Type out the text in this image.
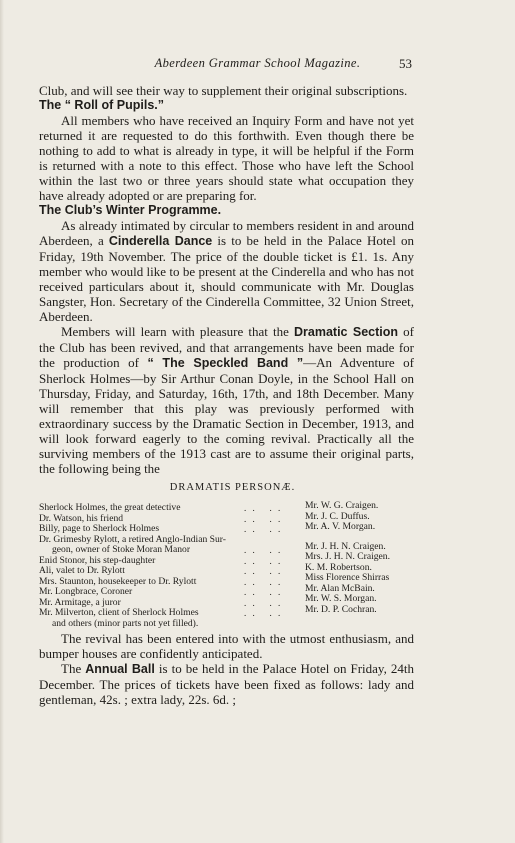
Aberdeen Grammar School Magazine.	53

Club, and will see their way to supplement their original subscriptions.

The “ Roll of Pupils.”

All members who have received an Inquiry Form and have not yet returned it are requested to do this forthwith. Even though there be nothing to add to what is already in type, it will be helpful if the Form is returned with a note to this effect. Those who have left the School within the last two or three years should state what occupation they have already adopted or are preparing for.

The Club’s Winter Programme.

As already intimated by circular to members resident in and around Aberdeen, a Cinderella Dance is to be held in the Palace Hotel on Friday, 19th November. The price of the double ticket is £1. 1s. Any member who would like to be present at the Cinderella and who has not received particulars about it, should communicate with Mr. Douglas Sangster, Hon. Secretary of the Cinderella Committee, 32 Union Street, Aberdeen.

Members will learn with pleasure that the Dramatic Section of the Club has been revived, and that arrangements have been made for the production of “ The Speckled Band ”—An Adventure of Sherlock Holmes—by Sir Arthur Conan Doyle, in the School Hall on Thursday, Friday, and Saturday, 16th, 17th, and 18th December. Many will remember that this play was previously performed with extraordinary success by the Dramatic Section in December, 1913, and will look forward eagerly to the coming revival. Practically all the surviving members of the 1913 cast are to assume their original parts, the following being the

DRAMATIS PERSONÆ.
Sherlock Holmes, the great detective
Dr. Watson, his friend
Billy, page to Sherlock Holmes
Dr. Grimesby Rylott, a retired Anglo-Indian Sur-
geon, owner of Stoke Moran Manor
Enid Stonor, his step-daughter
Ali, valet to Dr. Rylott
Mrs. Staunton, housekeeper to Dr. Rylott
Mr. Longbrace, Coroner
Mr. Armitage, a juror
Mr. Milverton, client of Sherlock Holmes
and others (minor parts not yet filled).
. .   . .
. .   . .
. .   . .

. .   . .
. .   . .
. .   . .
. .   . .
. .   . .
. .   . .
. .   . .
Mr. W. G. Craigen.
Mr. J. C. Duffus.
Mr. A. V. Morgan.
Mr. J. H. N. Craigen.
Mrs. J. H. N. Craigen.
K. M. Robertson.
Miss Florence Shirras
Mr. Alan McBain.
Mr. W. S. Morgan.
Mr. D. P. Cochran.

The revival has been entered into with the utmost enthusiasm, and bumper houses are confidently anticipated.

The Annual Ball is to be held in the Palace Hotel on Friday, 24th December. The prices of tickets have been fixed as follows: lady and gentleman, 42s. ; extra lady, 22s. 6d. ;
